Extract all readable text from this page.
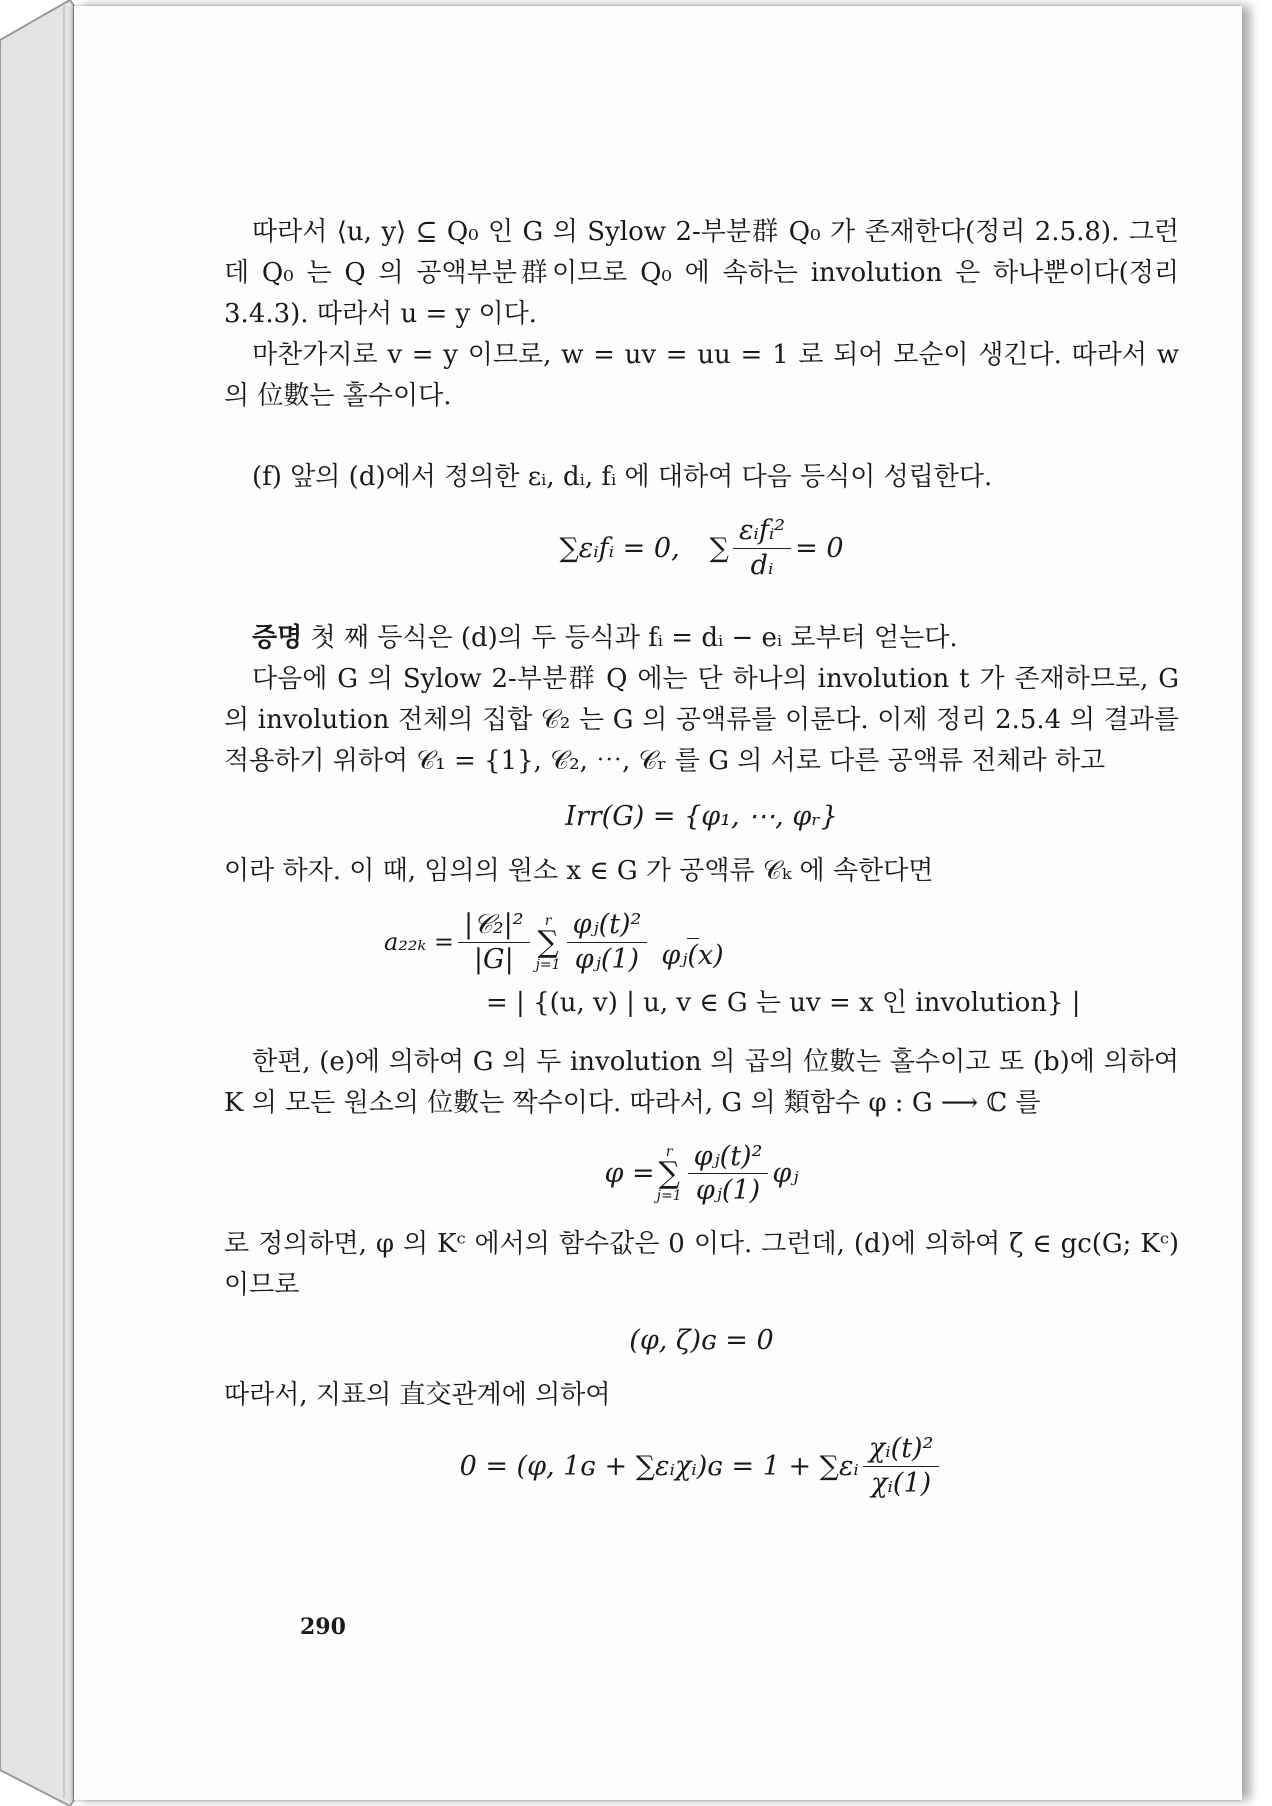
따라서 ⟨u, y⟩ ⊆ Q₀ 인 G 의 Sylow 2-부분群 Q₀ 가 존재한다(정리 2.5.8). 그런데 Q₀ 는 Q 의 공액부분群이므로 Q₀ 에 속하는 involution 은 하나뿐이다(정리 3.4.3). 따라서 u = y 이다.

마찬가지로 v = y 이므로, w = uv = uu = 1 로 되어 모순이 생긴다. 따라서 w 의 位數는 홀수이다.

(f) 앞의 (d)에서 정의한 εᵢ, dᵢ, fᵢ 에 대하여 다음 등식이 성립한다.

∑εᵢfᵢ = 0, ∑ $\frac{\text{εᵢfᵢ²}}{\text{dᵢ}} = 0$

증명 첫 째 등식은 (d)의 두 등식과 fᵢ = dᵢ − eᵢ 로부터 얻는다.

다음에 G 의 Sylow 2-부분群 Q 에는 단 하나의 involution t 가 존재하므로, G 의 involution 전체의 집합 𝒞₂ 는 G 의 공액류를 이룬다. 이제 정리 2.5.4 의 결과를 적용하기 위하여 𝒞₁ = {1}, 𝒞₂, ⋯, 𝒞ᵣ 를 G 의 서로 다른 공액류 전체라 하고

Irr(G) = {φ₁, ⋯, φᵣ}

이라 하자. 이 때, 임의의 원소 x ∈ G 가 공액류 𝒞ₖ 에 속한다면

$a_{22k} = \frac{\text{|𝒞₂|²}}{|G|}$ r
∑
$j=1 \frac{\text{φⱼ(t)²}}{\text{φⱼ(1)}}$ φⱼ(x)
= | {(u, v) | u, v ∈ G 는 uv = x 인 involution} |

한편, (e)에 의하여 G 의 두 involution 의 곱의 位數는 홀수이고 또 (b)에 의하여 K 의 모든 원소의 位數는 짝수이다. 따라서, G 의 類함수 φ : G ⟶ ℂ 를

φ =
r
∑
$j=1 \frac{\text{φⱼ(t)²}}{\text{φⱼ(1)}}$ φⱼ

로 정의하면, φ 의 Kᶜ 에서의 함수값은 0 이다. 그런데, (d)에 의하여 ζ ∈ gc(G; Kᶜ) 이므로

(φ, ζ)ɢ = 0

따라서, 지표의 直交관계에 의하여

0 = (φ, 1ɢ + ∑εᵢχᵢ)ɢ = 1 + ∑εᵢ $\frac{\text{χᵢ(t)²}}{\text{χᵢ(1)}}$
290
